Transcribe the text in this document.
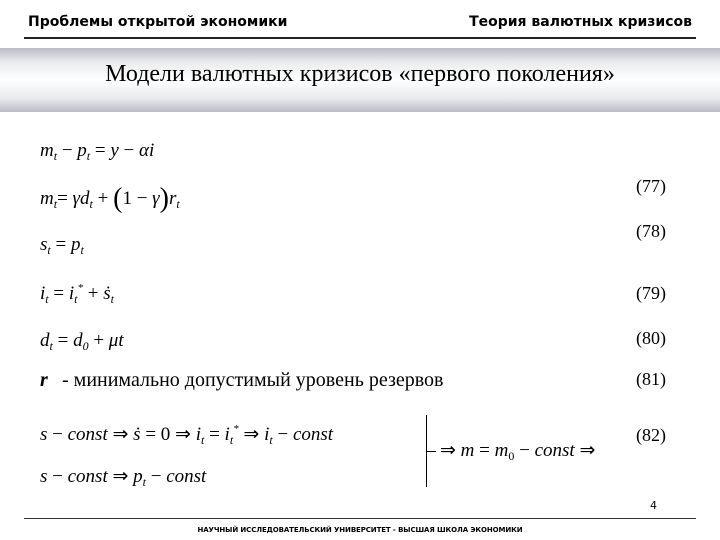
Проблемы открытой экономики	Теория валютных кризисов
Модели валютных кризисов «первого поколения»
$m_t - p_t = y - \alpha i$
$m_t= \gamma d_t + (1 - \gamma)r_t$
(77)
$s_t = p_t$
(78)
$i_t = i_t^*$ + ṡ$_t$	(79)
$d_t = d_0 + \mu t$	(80)
r - минимально допустимый уровень резервов	(81)
s − const ⇒ ṡ = 0 ⇒ $i_t = i_t^*$ ⇒ $i_t$ − const
s − const ⇒ $p_t$ − const
⇒ $m = m_0$ − const ⇒
(82)
4
НАУЧНЫЙ ИССЛЕДОВАТЕЛЬСКИЙ УНИВЕРСИТЕТ - ВЫСШАЯ ШКОЛА ЭКОНОМИКИ
